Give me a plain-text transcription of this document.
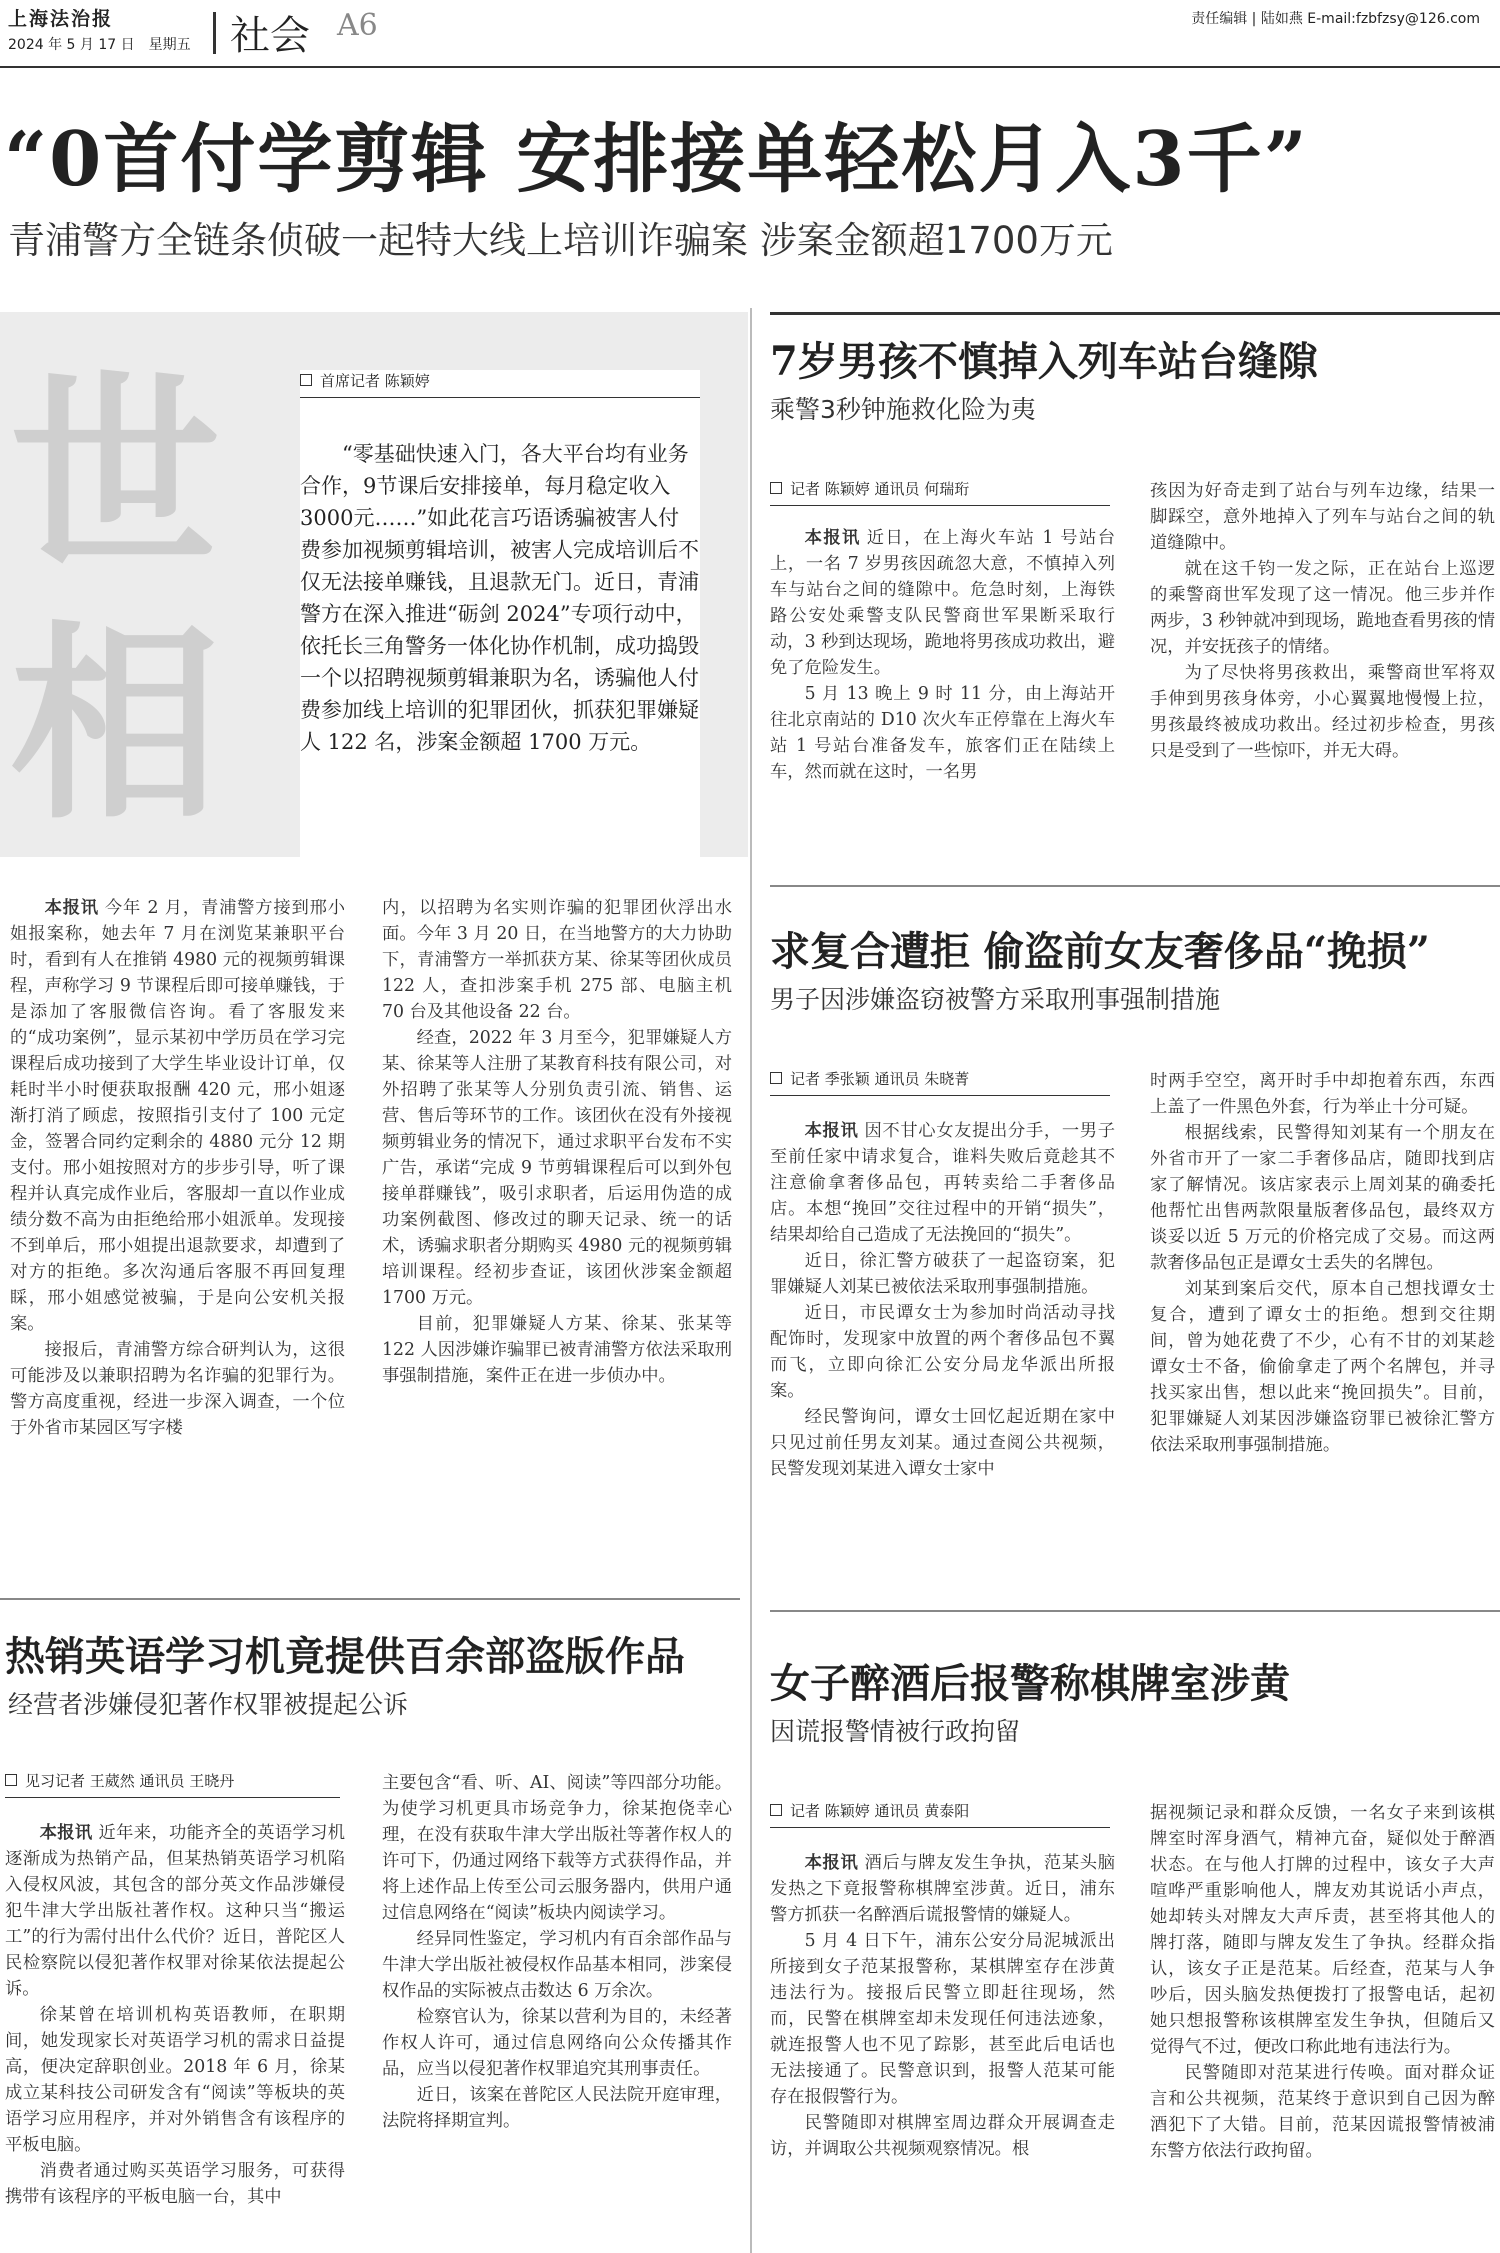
上海法治报
2024 年 5 月 17 日　星期五 社会 A6	责任编辑 | 陆如燕 E-mail:fzbfzsy@126.com
“0首付学剪辑 安排接单轻松月入3千”
青浦警方全链条侦破一起特大线上培训诈骗案 涉案金额超1700万元
世相
首席记者 陈颖婷
“零基础快速入门，各大平台均有业务合作，9节课后安排接单，每月稳定收入3000元……”如此花言巧语诱骗被害人付费参加视频剪辑培训，被害人完成培训后不仅无法接单赚钱，且退款无门。近日，青浦警方在深入推进“砺剑 2024”专项行动中，依托长三角警务一体化协作机制，成功捣毁一个以招聘视频剪辑兼职为名，诱骗他人付费参加线上培训的犯罪团伙，抓获犯罪嫌疑人 122 名，涉案金额超 1700 万元。

本报讯 今年 2 月，青浦警方接到邢小姐报案称，她去年 7 月在浏览某兼职平台时，看到有人在推销 4980 元的视频剪辑课程，声称学习 9 节课程后即可接单赚钱，于是添加了客服微信咨询。看了客服发来的“成功案例”，显示某初中学历员在学习完课程后成功接到了大学生毕业设计订单，仅耗时半小时便获取报酬 420 元，邢小姐逐渐打消了顾虑，按照指引支付了 100 元定金，签署合同约定剩余的 4880 元分 12 期支付。邢小姐按照对方的步步引导，听了课程并认真完成作业后，客服却一直以作业成绩分数不高为由拒绝给邢小姐派单。发现接不到单后，邢小姐提出退款要求，却遭到了对方的拒绝。多次沟通后客服不再回复理睬，邢小姐感觉被骗，于是向公安机关报案。

接报后，青浦警方综合研判认为，这很可能涉及以兼职招聘为名诈骗的犯罪行为。警方高度重视，经进一步深入调查，一个位于外省市某园区写字楼

内，以招聘为名实则诈骗的犯罪团伙浮出水面。今年 3 月 20 日，在当地警方的大力协助下，青浦警方一举抓获方某、徐某等团伙成员 122 人，查扣涉案手机 275 部、电脑主机 70 台及其他设备 22 台。

经查，2022 年 3 月至今，犯罪嫌疑人方某、徐某等人注册了某教育科技有限公司，对外招聘了张某等人分别负责引流、销售、运营、售后等环节的工作。该团伙在没有外接视频剪辑业务的情况下，通过求职平台发布不实广告，承诺“完成 9 节剪辑课程后可以到外包接单群赚钱”，吸引求职者，后运用伪造的成功案例截图、修改过的聊天记录、统一的话术，诱骗求职者分期购买 4980 元的视频剪辑培训课程。经初步查证，该团伙涉案金额超 1700 万元。

目前，犯罪嫌疑人方某、徐某、张某等 122 人因涉嫌诈骗罪已被青浦警方依法采取刑事强制措施，案件正在进一步侦办中。

7岁男孩不慎掉入列车站台缝隙
乘警3秒钟施救化险为夷
记者 陈颖婷 通讯员 何瑞珩

本报讯 近日，在上海火车站 1 号站台上，一名 7 岁男孩因疏忽大意，不慎掉入列车与站台之间的缝隙中。危急时刻，上海铁路公安处乘警支队民警商世军果断采取行动，3 秒到达现场，跪地将男孩成功救出，避免了危险发生。

5 月 13 晚上 9 时 11 分，由上海站开往北京南站的 D10 次火车正停靠在上海火车站 1 号站台准备发车，旅客们正在陆续上车，然而就在这时，一名男

孩因为好奇走到了站台与列车边缘，结果一脚踩空，意外地掉入了列车与站台之间的轨道缝隙中。

就在这千钧一发之际，正在站台上巡逻的乘警商世军发现了这一情况。他三步并作两步，3 秒钟就冲到现场，跪地查看男孩的情况，并安抚孩子的情绪。

为了尽快将男孩救出，乘警商世军将双手伸到男孩身体旁，小心翼翼地慢慢上拉，男孩最终被成功救出。经过初步检查，男孩只是受到了一些惊吓，并无大碍。

求复合遭拒 偷盗前女友奢侈品“挽损”
男子因涉嫌盗窃被警方采取刑事强制措施
记者 季张颖 通讯员 朱晓菁

本报讯 因不甘心女友提出分手，一男子至前任家中请求复合，谁料失败后竟趁其不注意偷拿奢侈品包，再转卖给二手奢侈品店。本想“挽回”交往过程中的开销“损失”，结果却给自己造成了无法挽回的“损失”。

近日，徐汇警方破获了一起盗窃案，犯罪嫌疑人刘某已被依法采取刑事强制措施。

近日，市民谭女士为参加时尚活动寻找配饰时，发现家中放置的两个奢侈品包不翼而飞，立即向徐汇公安分局龙华派出所报案。

经民警询问，谭女士回忆起近期在家中只见过前任男友刘某。通过查阅公共视频，民警发现刘某进入谭女士家中

时两手空空，离开时手中却抱着东西，东西上盖了一件黑色外套，行为举止十分可疑。

根据线索，民警得知刘某有一个朋友在外省市开了一家二手奢侈品店，随即找到店家了解情况。该店家表示上周刘某的确委托他帮忙出售两款限量版奢侈品包，最终双方谈妥以近 5 万元的价格完成了交易。而这两款奢侈品包正是谭女士丢失的名牌包。

刘某到案后交代，原本自己想找谭女士复合，遭到了谭女士的拒绝。想到交往期间，曾为她花费了不少，心有不甘的刘某趁谭女士不备，偷偷拿走了两个名牌包，并寻找买家出售，想以此来“挽回损失”。目前，犯罪嫌疑人刘某因涉嫌盗窃罪已被徐汇警方依法采取刑事强制措施。

热销英语学习机竟提供百余部盗版作品
经营者涉嫌侵犯著作权罪被提起公诉
见习记者 王葳然 通讯员 王晓丹

本报讯 近年来，功能齐全的英语学习机逐渐成为热销产品，但某热销英语学习机陷入侵权风波，其包含的部分英文作品涉嫌侵犯牛津大学出版社著作权。这种只当“搬运工”的行为需付出什么代价？近日，普陀区人民检察院以侵犯著作权罪对徐某依法提起公诉。

徐某曾在培训机构英语教师，在职期间，她发现家长对英语学习机的需求日益提高，便决定辞职创业。2018 年 6 月，徐某成立某科技公司研发含有“阅读”等板块的英语学习应用程序，并对外销售含有该程序的平板电脑。

消费者通过购买英语学习服务，可获得携带有该程序的平板电脑一台，其中

主要包含“看、听、AI、阅读”等四部分功能。为使学习机更具市场竞争力，徐某抱侥幸心理，在没有获取牛津大学出版社等著作权人的许可下，仍通过网络下载等方式获得作品，并将上述作品上传至公司云服务器内，供用户通过信息网络在“阅读”板块内阅读学习。

经异同性鉴定，学习机内有百余部作品与牛津大学出版社被侵权作品基本相同，涉案侵权作品的实际被点击数达 6 万余次。

检察官认为，徐某以营利为目的，未经著作权人许可，通过信息网络向公众传播其作品，应当以侵犯著作权罪追究其刑事责任。

近日，该案在普陀区人民法院开庭审理，法院将择期宣判。

女子醉酒后报警称棋牌室涉黄
因谎报警情被行政拘留
记者 陈颖婷 通讯员 黄泰阳

本报讯 酒后与牌友发生争执，范某头脑发热之下竟报警称棋牌室涉黄。近日，浦东警方抓获一名醉酒后谎报警情的嫌疑人。

5 月 4 日下午，浦东公安分局泥城派出所接到女子范某报警称，某棋牌室存在涉黄违法行为。接报后民警立即赶往现场，然而，民警在棋牌室却未发现任何违法迹象，就连报警人也不见了踪影，甚至此后电话也无法接通了。民警意识到，报警人范某可能存在报假警行为。

民警随即对棋牌室周边群众开展调查走访，并调取公共视频观察情况。根

据视频记录和群众反馈，一名女子来到该棋牌室时浑身酒气，精神亢奋，疑似处于醉酒状态。在与他人打牌的过程中，该女子大声喧哗严重影响他人，牌友劝其说话小声点，她却转头对牌友大声斥责，甚至将其他人的牌打落，随即与牌友发生了争执。经群众指认，该女子正是范某。后经查，范某与人争吵后，因头脑发热便拨打了报警电话，起初她只想报警称该棋牌室发生争执，但随后又觉得气不过，便改口称此地有违法行为。

民警随即对范某进行传唤。面对群众证言和公共视频，范某终于意识到自己因为醉酒犯下了大错。目前，范某因谎报警情被浦东警方依法行政拘留。
